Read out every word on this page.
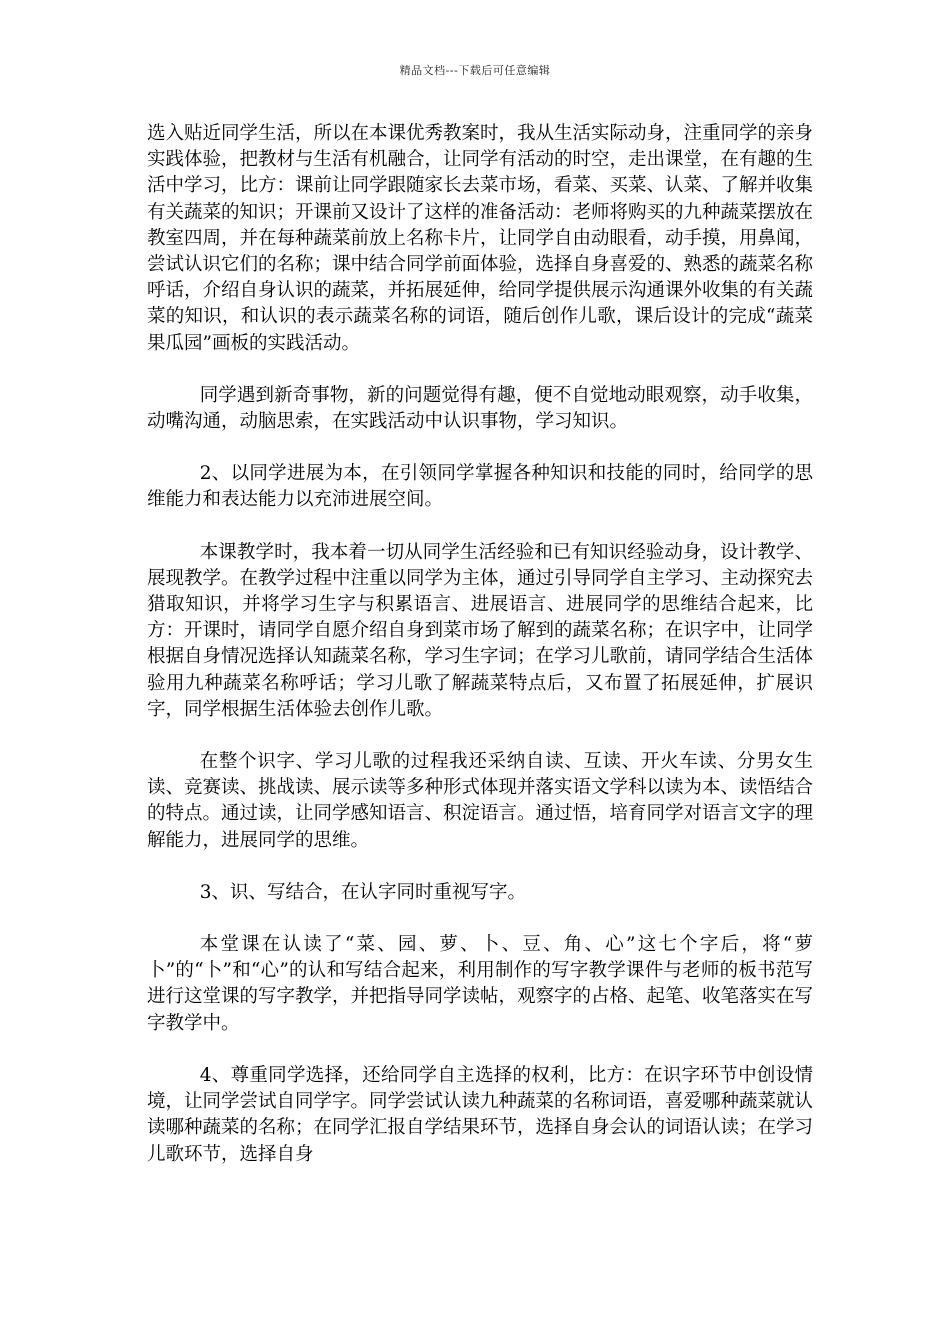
精品文档---下载后可任意编辑

选入贴近同学生活，所以在本课优秀教案时，我从生活实际动身，注重同学的亲身实践体验，把教材与生活有机融合，让同学有活动的时空，走出课堂，在有趣的生活中学习，比方：课前让同学跟随家长去菜市场，看菜、买菜、认菜、了解并收集有关蔬菜的知识；开课前又设计了这样的准备活动：老师将购买的九种蔬菜摆放在教室四周，并在每种蔬菜前放上名称卡片，让同学自由动眼看，动手摸，用鼻闻，尝试认识它们的名称；课中结合同学前面体验，选择自身喜爱的、熟悉的蔬菜名称呼话，介绍自身认识的蔬菜，并拓展延伸，给同学提供展示沟通课外收集的有关蔬菜的知识，和认识的表示蔬菜名称的词语，随后创作儿歌，课后设计的完成“蔬菜果瓜园”画板的实践活动。

同学遇到新奇事物，新的问题觉得有趣，便不自觉地动眼观察，动手收集，动嘴沟通，动脑思索，在实践活动中认识事物，学习知识。

2、以同学进展为本，在引领同学掌握各种知识和技能的同时，给同学的思维能力和表达能力以充沛进展空间。

本课教学时，我本着一切从同学生活经验和已有知识经验动身，设计教学、展现教学。在教学过程中注重以同学为主体，通过引导同学自主学习、主动探究去猎取知识，并将学习生字与积累语言、进展语言、进展同学的思维结合起来，比方：开课时，请同学自愿介绍自身到菜市场了解到的蔬菜名称；在识字中，让同学根据自身情况选择认知蔬菜名称，学习生字词；在学习儿歌前，请同学结合生活体验用九种蔬菜名称呼话；学习儿歌了解蔬菜特点后，又布置了拓展延伸，扩展识字，同学根据生活体验去创作儿歌。

在整个识字、学习儿歌的过程我还采纳自读、互读、开火车读、分男女生读、竞赛读、挑战读、展示读等多种形式体现并落实语文学科以读为本、读悟结合的特点。通过读，让同学感知语言、积淀语言。通过悟，培育同学对语言文字的理解能力，进展同学的思维。

3、识、写结合，在认字同时重视写字。

本堂课在认读了“菜、园、萝、卜、豆、角、心”这七个字后，将“萝卜”的“卜”和“心”的认和写结合起来，利用制作的写字教学课件与老师的板书范写进行这堂课的写字教学，并把指导同学读帖，观察字的占格、起笔、收笔落实在写字教学中。

4、尊重同学选择，还给同学自主选择的权利，比方：在识字环节中创设情境，让同学尝试自同学字。同学尝试认读九种蔬菜的名称词语，喜爱哪种蔬菜就认读哪种蔬菜的名称；在同学汇报自学结果环节，选择自身会认的词语认读；在学习儿歌环节，选择自身
